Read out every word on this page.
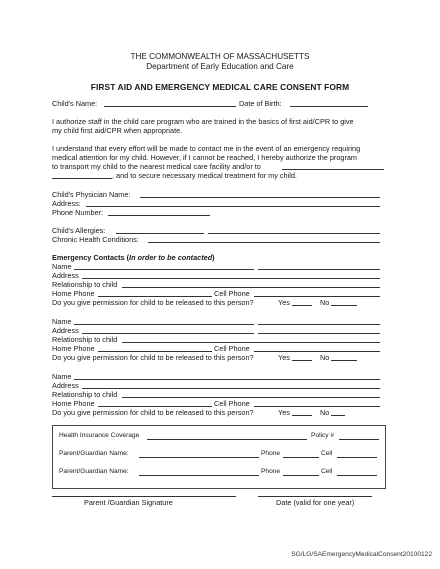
THE COMMONWEALTH OF MASSACHUSETTS
Department of Early Education and Care
FIRST AID AND EMERGENCY MEDICAL CARE CONSENT FORM
Child's Name:	Date of Birth:
I authorize staff in the child care program who are trained in the basics of first aid/CPR to give
my child first aid/CPR when appropriate.
I understand that every effort will be made to contact me in the event of an emergency requiring
medical attention for my child. However, if I cannot be reached, I hereby authorize the program
to transport my child to the nearest medical care facility and/or to
, and to secure necessary medical treatment for my child.
Child's Physician Name:
Address:
Phone Number:
Child's Allergies:
Chronic Health Conditions:
Emergency Contacts (In order to be contacted)
Name
Address
Relationship to child
Home Phone	Cell Phone
Do you give permission for child to be released to this person?	Yes	No
Name
Address
Relationship to child
Home Phone	Cell Phone
Do you give permission for child to be released to this person?	Yes	No
Name
Address
Relationship to child
Home Phone	Cell Phone
Do you give permission for child to be released to this person?	Yes	No
Health Insurance Coverage	Policy #
Parent/Guardian Name:	Phone	Cell
Parent/Guardian Name:	Phone	Cell
Parent /Guardian Signature	Date (valid for one year)
SG/LG/SAEmergencyMedicalConsent20100122
